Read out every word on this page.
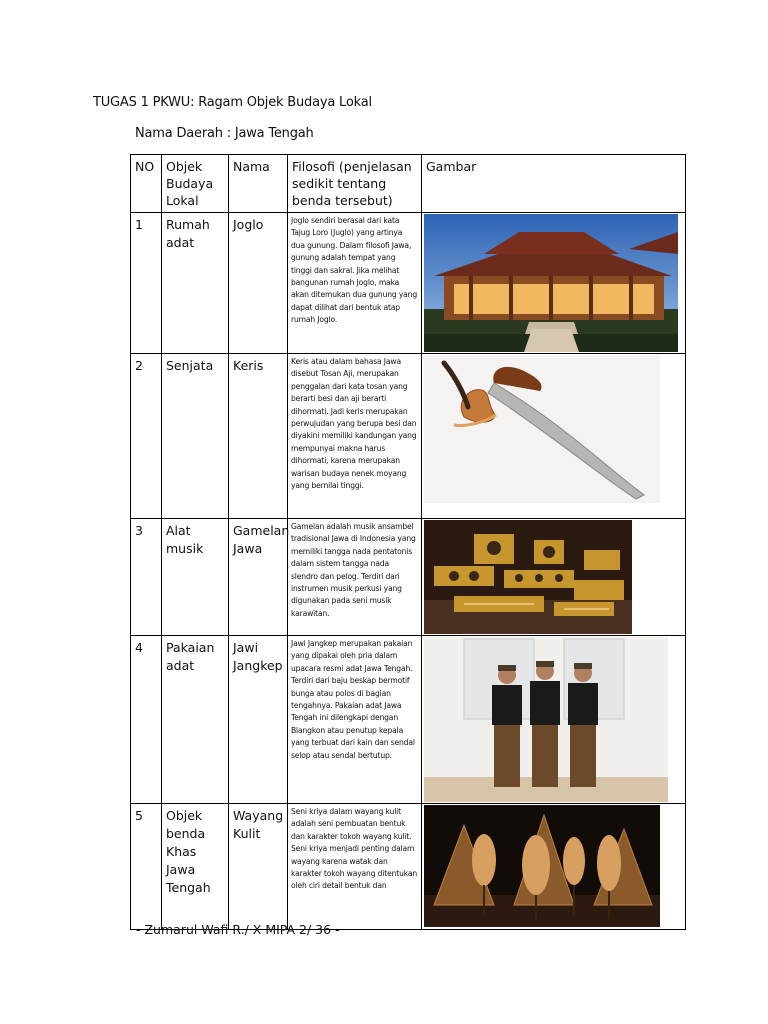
TUGAS 1 PKWU: Ragam Objek Budaya Lokal
Nama Daerah : Jawa Tengah
NO	Objek Budaya Lokal	Nama	Filosofi (penjelasan sedikit tentang benda tersebut)	Gambar
1	Rumah adat	Joglo	Joglo sendiri berasal dari kata Tajug Loro (Juglo) yang artinya dua gunung. Dalam filosofi Jawa, gunung adalah tempat yang tinggi dan sakral. Jika melihat bangunan rumah Joglo, maka akan ditemukan dua gunung yang dapat dilihat dari bentuk atap rumah Joglo.	

2	Senjata	Keris	Keris atau dalam bahasa Jawa disebut Tosan Aji, merupakan penggalan dari kata tosan yang berarti besi dan aji berarti dihormati. Jadi keris merupakan perwujudan yang berupa besi dan diyakini memiliki kandungan yang mempunyai makna harus dihormati, karena merupakan warisan budaya nenek moyang yang bernilai tinggi.	

3	Alat musik	Gamelan Jawa	Gamelan adalah musik ansambel tradisional Jawa di Indonesia yang memiliki tangga nada pentatonis dalam sistem tangga nada slendro dan pelog. Terdiri dari instrumen musik perkusi yang digunakan pada seni musik karawitan.	

4	Pakaian adat	Jawi Jangkep	Jawi Jangkep merupakan pakaian yang dipakai oleh pria dalam upacara resmi adat Jawa Tengah. Terdiri dari baju beskap bermotif bunga atau polos di bagian tengahnya. Pakaian adat Jawa Tengah ini dilengkapi dengan Blangkon atau penutup kepala yang terbuat dari kain dan sendal selop atau sendal bertutup.	

5	Objek benda Khas Jawa Tengah	Wayang Kulit	Seni kriya dalam wayang kulit adalah seni pembuatan bentuk dan karakter tokoh wayang kulit. Seni kriya menjadi penting dalam wayang karena watak dan karakter tokoh wayang ditentukan oleh ciri detail bentuk dan	
- Zumarul Wafi R./ X MIPA 2/ 36 -
